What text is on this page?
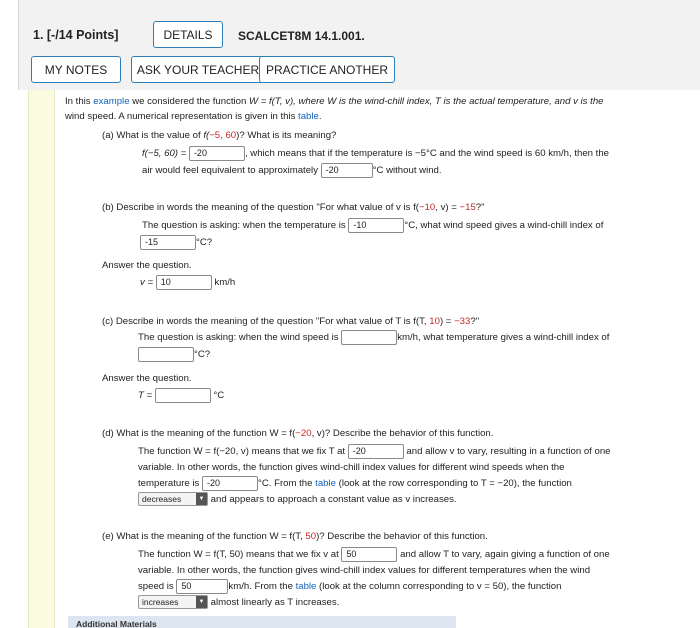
1. [-/14 Points]	DETAILS	SCALCET8M 14.1.001.
MY NOTES	ASK YOUR TEACHER PRACTICE ANOTHER
In this example we considered the function W = f(T, v), where W is the wind-chill index, T is the actual temperature, and v is the
wind speed. A numerical representation is given in this table.
(a) What is the value of f(−5, 60)? What is its meaning?
f(−5, 60) = -20	, which means that if the temperature is −5°C and the wind speed is 60 km/h, then the
air would feel equivalent to approximately -20	°C without wind.
(b) Describe in words the meaning of the question "For what value of v is f(−10, v) = −15?"
The question is asking: when the temperature is -10	°C, what wind speed gives a wind-chill index of
-15	°C?
Answer the question.
v = 10	km/h
(c) Describe in words the meaning of the question "For what value of T is f(T, 10) = −33?"
The question is asking: when the wind speed is	km/h, what temperature gives a wind-chill index of
°C?
Answer the question.
T =	°C
(d) What is the meaning of the function W = f(−20, v)? Describe the behavior of this function.
The function W = f(−20, v) means that we fix T at -20	and allow v to vary, resulting in a function of one
variable. In other words, the function gives wind-chill index values for different wind speeds when the
temperature is -20	°C. From the table (look at the row corresponding to T = −20), the function
decreases	▼ and appears to approach a constant value as v increases.
(e) What is the meaning of the function W = f(T, 50)? Describe the behavior of this function.
The function W = f(T, 50) means that we fix v at 50	and allow T to vary, again giving a function of one
variable. In other words, the function gives wind-chill index values for different temperatures when the wind
speed is 50	km/h. From the table (look at the column corresponding to v = 50), the function
increases	▼ almost linearly as T increases.
Additional Materials
